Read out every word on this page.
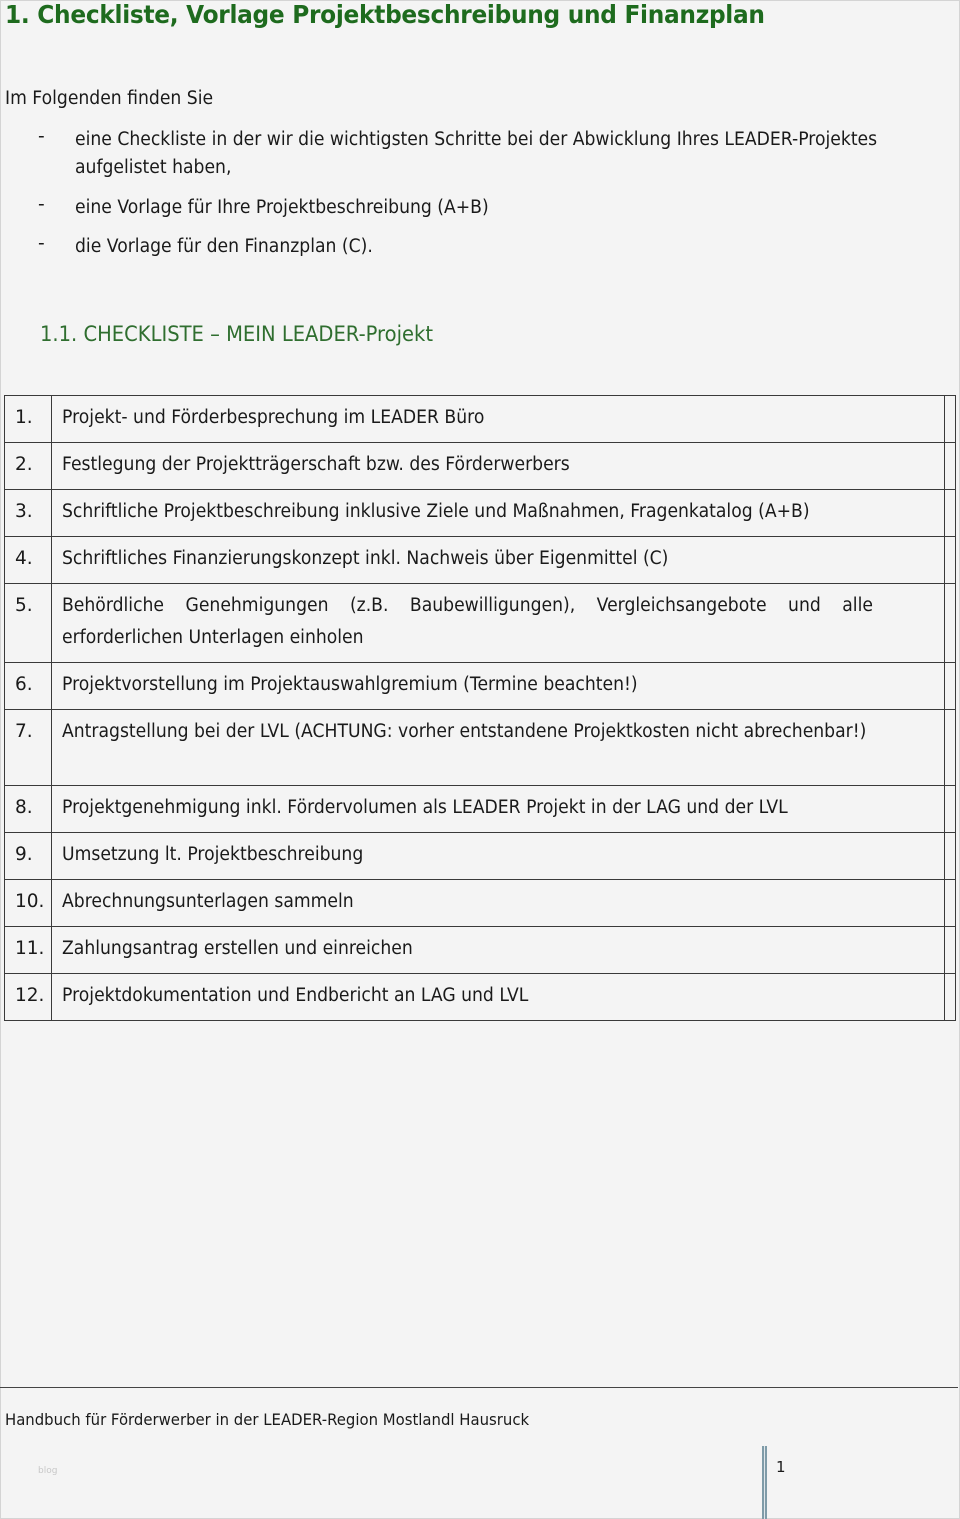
1. Checkliste, Vorlage Projektbeschreibung und Finanzplan
Im Folgenden finden Sie
- eine Checkliste in der wir die wichtigsten Schritte bei der Abwicklung Ihres LEADER-Projektes
aufgelistet haben,
- eine Vorlage für Ihre Projektbeschreibung (A+B)
- die Vorlage für den Finanzplan (C).
1.1. CHECKLISTE – MEIN LEADER-Projekt
1.	Projekt- und Förderbesprechung im LEADER Büro	

2.	Festlegung der Projektträgerschaft bzw. des Förderwerbers	

3.	Schriftliche Projektbeschreibung inklusive Ziele und Maßnahmen, Fragenkatalog (A+B)	

4.	Schriftliches Finanzierungskonzept inkl. Nachweis über Eigenmittel (C)	

5.	Behördliche Genehmigungen (z.B. Baubewilligungen), Vergleichsangebote und alle erforderlichen Unterlagen einholen	

6.	Projektvorstellung im Projektauswahlgremium (Termine beachten!)	

7.	Antragstellung bei der LVL (ACHTUNG: vorher entstandene Projektkosten nicht abrechenbar!)	

8.	Projektgenehmigung inkl. Fördervolumen als LEADER Projekt in der LAG und der LVL	

9.	Umsetzung lt. Projektbeschreibung	

10.	Abrechnungsunterlagen sammeln	

11.	Zahlungsantrag erstellen und einreichen	

12.	Projektdokumentation und Endbericht an LAG und LVL	

Handbuch für Förderwerber in der LEADER-Region Mostlandl Hausruck
blog	1
